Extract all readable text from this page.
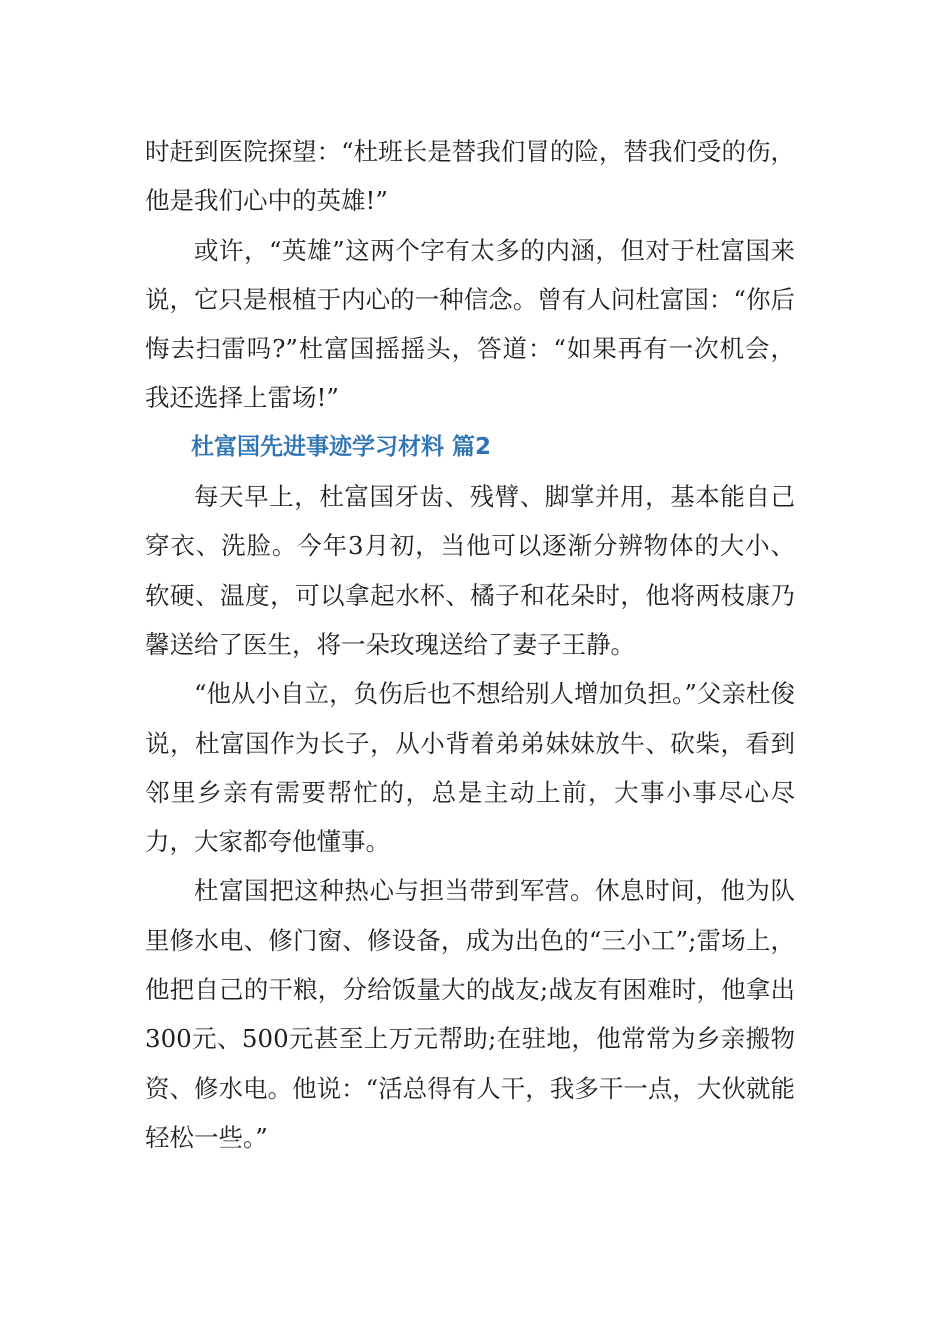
时赶到医院探望：“杜班长是替我们冒的险，替我们受的伤，他是我们心中的英雄!”

或许，“英雄”这两个字有太多的内涵，但对于杜富国来说，它只是根植于内心的一种信念。曾有人问杜富国：“你后悔去扫雷吗?”杜富国摇摇头，答道：“如果再有一次机会，我还选择上雷场!”

杜富国先进事迹学习材料 篇2

每天早上，杜富国牙齿、残臂、脚掌并用，基本能自己穿衣、洗脸。今年3月初，当他可以逐渐分辨物体的大小、软硬、温度，可以拿起水杯、橘子和花朵时，他将两枝康乃馨送给了医生，将一朵玫瑰送给了妻子王静。

“他从小自立，负伤后也不想给别人增加负担。”父亲杜俊说，杜富国作为长子，从小背着弟弟妹妹放牛、砍柴，看到邻里乡亲有需要帮忙的，总是主动上前，大事小事尽心尽力，大家都夸他懂事。

杜富国把这种热心与担当带到军营。休息时间，他为队里修水电、修门窗、修设备，成为出色的“三小工”;雷场上，他把自己的干粮，分给饭量大的战友;战友有困难时，他拿出300元、500元甚至上万元帮助;在驻地，他常常为乡亲搬物资、修水电。他说：“活总得有人干，我多干一点，大伙就能轻松一些。”
